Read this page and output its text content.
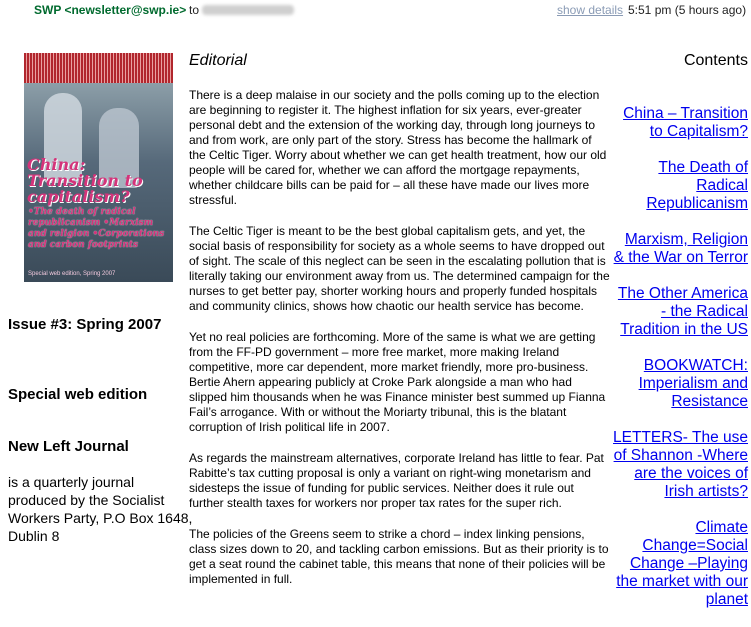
SWP <newsletter@swp.ie> to	show details 5:51 pm (5 hours ago)
China: Transition to capitalism?
•The death of radical republicanism •Marxism and religion •Corporations and carbon footprints
Special web edition, Spring 2007
Issue #3: Spring 2007
Special web edition
New Left Journal
is a quarterly journal produced by the Socialist Workers Party, P.O Box 1648, Dublin 8
Editorial

There is a deep malaise in our society and the polls coming up to the election are beginning to register it. The highest inflation for six years, ever-greater personal debt and the extension of the working day, through long journeys to and from work, are only part of the story. Stress has become the hallmark of the Celtic Tiger. Worry about whether we can get health treatment, how our old people will be cared for, whether we can afford the mortgage repayments, whether childcare bills can be paid for – all these have made our lives more stressful.

The Celtic Tiger is meant to be the best global capitalism gets, and yet, the social basis of responsibility for society as a whole seems to have dropped out of sight. The scale of this neglect can be seen in the escalating pollution that is literally taking our environment away from us. The determined campaign for the nurses to get better pay, shorter working hours and properly funded hospitals and community clinics, shows how chaotic our health service has become.

Yet no real policies are forthcoming. More of the same is what we are getting from the FF-PD government – more free market, more making Ireland competitive, more car dependent, more market friendly, more pro-business. Bertie Ahern appearing publicly at Croke Park alongside a man who had slipped him thousands when he was Finance minister best summed up Fianna Fail’s arrogance. With or without the Moriarty tribunal, this is the blatant corruption of Irish political life in 2007.

As regards the mainstream alternatives, corporate Ireland has little to fear. Pat Rabitte’s tax cutting proposal is only a variant on right-wing monetarism and sidesteps the issue of funding for public services. Neither does it rule out further stealth taxes for workers nor proper tax rates for the super rich.

The policies of the Greens seem to strike a chord – index linking pensions, class sizes down to 20, and tackling carbon emissions. But as their priority is to get a seat round the cabinet table, this means that none of their policies will be implemented in full.

Contents
China – Transition to Capitalism?
The Death of Radical Republicanism
Marxism, Religion & the War on Terror
The Other America - the Radical Tradition in the US
BOOKWATCH: Imperialism and Resistance
LETTERS- The use of Shannon -Where are the voices of Irish artists?
Climate Change=Social Change –Playing the market with our planet
